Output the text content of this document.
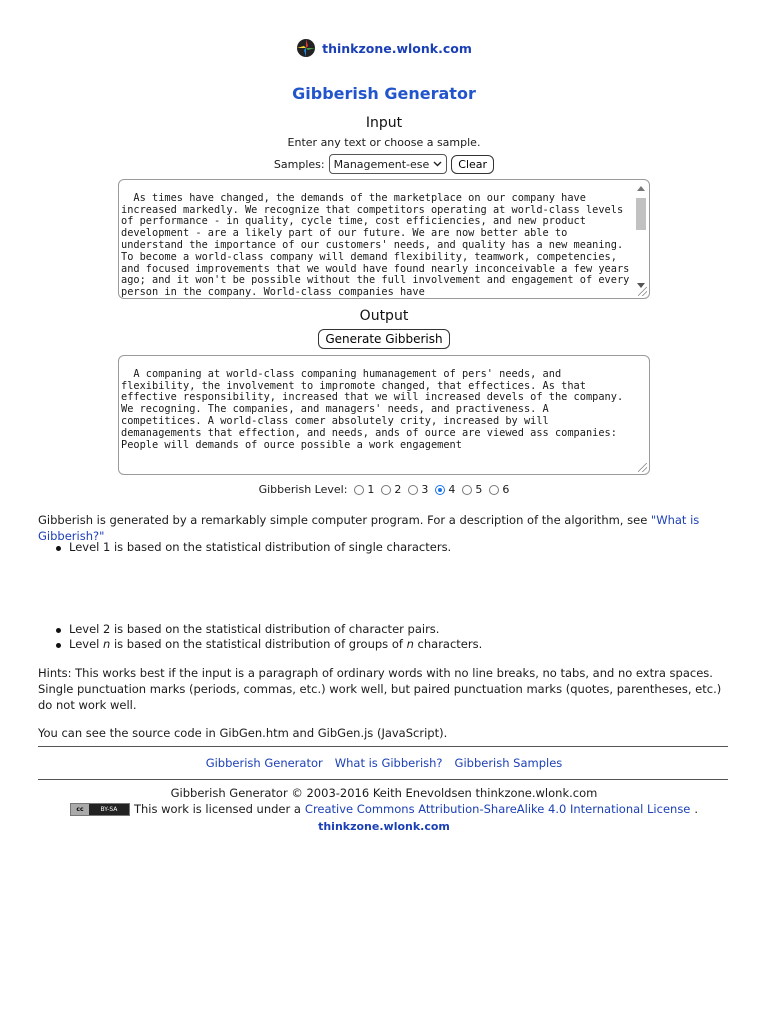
thinkzone.wlonk.com
Gibberish Generator
Input
Enter any text or choose a sample.
Samples: Management-ese	Clear

As times have changed, the demands of the marketplace on our company have increased markedly. We recognize that competitors operating at world-class levels of performance - in quality, cycle time, cost efficiencies, and new product development - are a likely part of our future. We are now better able to understand the importance of our customers' needs, and quality has a new meaning. To become a world-class company will demand flexibility, teamwork, competencies, and focused improvements that we would have found nearly inconceivable a few years ago; and it won't be possible without the full involvement and engagement of every person in the company. World-class companies have

Output
Generate Gibberish

A companing at world-class companing humanagement of pers' needs, and flexibility, the involvement to impromote changed, that effectices. As that effective responsibility, increased that we will increased devels of the company. We recogning. The companies, and managers' needs, and practiveness. A competitices. A world-class comer absolutely crity, increased by will demanagements that effection, and needs, ands of ource are viewed ass companies: People will demands of ource possible a work engagement

Gibberish Level: 1 2 3 4 5 6
Gibberish is generated by a remarkably simple computer program. For a description of the algorithm, see "What is Gibberish?"
Level 1 is based on the statistical distribution of single characters.
Level 2 is based on the statistical distribution of character pairs.
Level n is based on the statistical distribution of groups of n characters.
Hints: This works best if the input is a paragraph of ordinary words with no line breaks, no tabs, and no extra spaces. Single punctuation marks (periods, commas, etc.) work well, but paired punctuation marks (quotes, parentheses, etc.) do not work well.
You can see the source code in GibGen.htm and GibGen.js (JavaScript).
Gibberish Generator What is Gibberish? Gibberish Samples
Gibberish Generator © 2003-2016 Keith Enevoldsen thinkzone.wlonk.com
cc	BY-SA	This work is licensed under a Creative Commons Attribution-ShareAlike 4.0 International License .
thinkzone.wlonk.com
